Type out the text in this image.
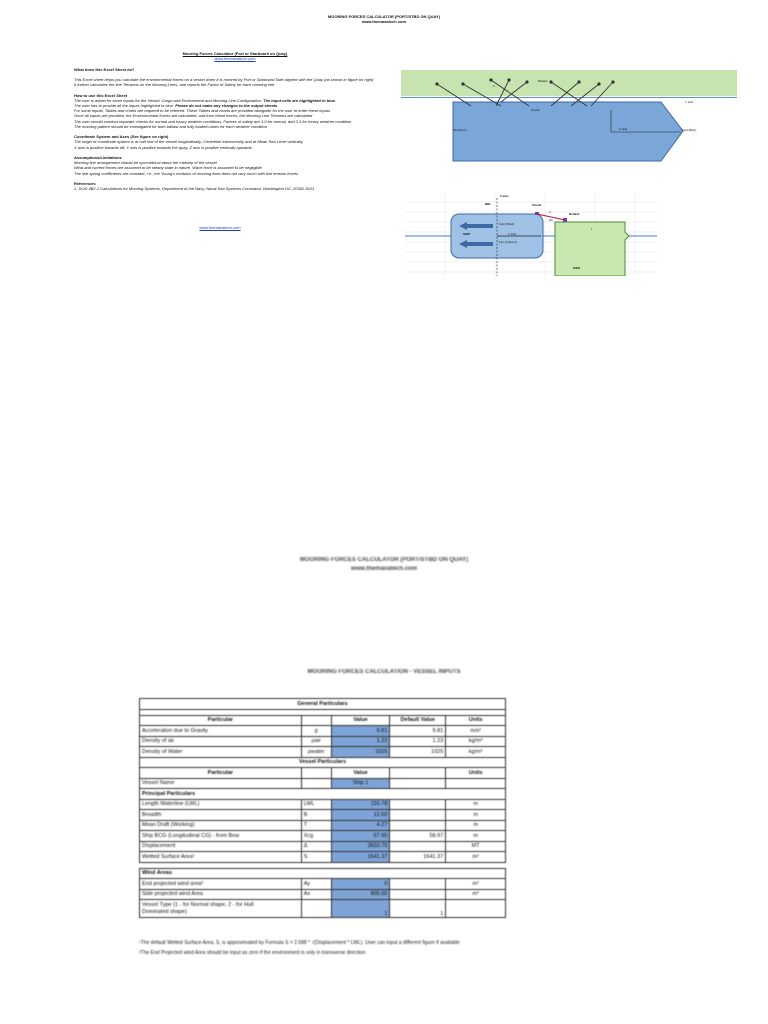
MOORING FORCES CALCULATOR (PORT/STBD ON QUAY)
www.themavatech.com

Mooring Forces Calculator (Port or Starboard on Quay)

www.themavatech.com

What does this Excel Sheet do?

This Excel sheet helps you calculate the environmental forces on a vessel when it is moored by Port or Starboard Side aligned with the Quay (as shown in figure on right)

It further calculates the line Tensions on the Mooring Lines, and reports the Factor of Safety for each mooring line

How to use this Excel Sheet

The user is asked for some inputs for the Vessel, Cargo and Environment and Mooring Line Configuration. The input cells are highlighted in blue.

The user has to provide all the inputs highlighted in blue. Please do not make any changes to the output sheets

For some inputs, Tables and charts are required to be referred. These Tables and charts are provided alongwith for the user to enter these inputs

Once all inputs are provided, the Environmental forces are calculated, and from these forces, the Mooring Line Tensions are calculated

The user should conduct separate checks for normal and heavy weather conditions. Factors of safety are 3.0 for normal, and 3.3 for heavy weather condition

The mooring pattern should be investigated for both ballast and fully loaded cases for each weather condition

Coordinate System and Axes (See figure on right)

The origin of coordinate system is at half mid of the vessel longitudinally, Centreline transversely and at Mean Sea Level vertically

X axis is positive towards aft, Y axis is positive towards the quay, Z axis is positive vertically upwards

Assumptions/Limitations

Mooring line arrangement should be symmetrical about the midship of the vessel

Wind and current forces are assumed to be steady state in nature. Wave force is assumed to be negligible

The line spring coefficients are constant, i.e., the Young's modulus of mooring lines does not vary much with line tension forces

References

1. DOD 4B2-1 Calculations for Mooring Systems, Department of the Navy, Naval Sea Systems Command, Washington DC, 20362-5101

www.themavatech.com
Bollard
Y axis
X axis
Aft (Stern)	Fwd (Bow)
Chock
h
Z axis
BRL	Chock
Bollard
SHIP
Fyw (Wind)
Y axis
Fyc (Current)
PIER
h
Δh
L
MOORING FORCES CALCULATOR (PORT/STBD ON QUAY)
www.themavatech.com
MOORING FORCES CALCULATION - VESSEL INPUTS
General Particulars				

Particular		Value	Default Value	Units
Acceleration due to Gravity	g	9.81	9.81	m/s²
Density of air	ρair	1.23	1.23	kg/m³
Density of Water	ρwater	1025	1025	kg/m³
Vessel Particulars				
Particular		Value		Units
Vessel Name		Ship 1		
Principal Particulars				
Length Waterline (LWL)	LWL	116.78		m
Breadth	B	12.50		m
Mean Draft (Working)	T	4.27		m
Ship BCG (Longitudinal CG) - from Bow	Xcg	57.95	58.97	m
Displacement	Δ	3833.75		MT
Wetted Surface Area¹	S	1641.37	1641.37	m²

Wind Areas				
End projected wind area²	Ay	0		m²
Side projected wind Area	Ax	805.00		m²
Vessel Type (1 - for Normal shape, 2 - for Hull
Dominated shape)		1	1	
¹The default Wetted Surface Area, S, is approximated by Formula S = 2.588 * √(Displacement * LWL). User can input a different figure if available
²The End Projected wind Area should be input as zero if the environment is only in transverse direction
